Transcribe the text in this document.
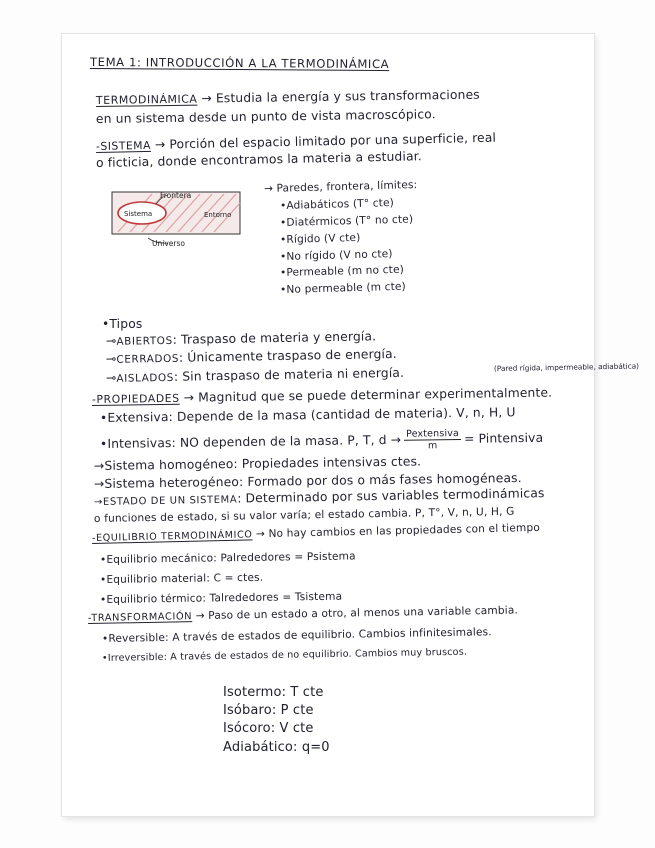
TEMA 1: INTRODUCCIÓN A LA TERMODINÁMICA
TERMODINÁMICA → Estudia la energía y sus transformaciones
en un sistema desde un punto de vista macroscópico.
-SISTEMA → Porción del espacio limitado por una superficie, real
o ficticia, donde encontramos la materia a estudiar.
Frontera
Sistema	Entorno
Universo
→ Paredes, frontera, límites:
•Adiabáticos (T° cte)
•Diatérmicos (T° no cte)
•Rígido (V cte)
•No rígido (V no cte)
•Permeable (m no cte)
•No permeable (m cte)
•Tipos
⊸ABIERTOS: Traspaso de materia y energía.
⊸CERRADOS: Únicamente traspaso de energía.
⊸AISLADOS: Sin traspaso de materia ni energía.	(Pared rígida, impermeable, adiabática)
-PROPIEDADES → Magnitud que se puede determinar experimentalmente.
•Extensiva: Depende de la masa (cantidad de materia). V, n, H, U
•Intensivas: NO dependen de la masa. P, T, $d \to \frac{\text{Pextensiva}}{m}$ = Pintensiva
→Sistema homogéneo: Propiedades intensivas ctes.
→Sistema heterogéneo: Formado por dos o más fases homogéneas.
→ESTADO DE UN SISTEMA: Determinado por sus variables termodinámicas
o funciones de estado, si su valor varía; el estado cambia. P, T°, V, n, U, H, G
-EQUILIBRIO TERMODINÁMICO → No hay cambios en las propiedades con el tiempo
•Equilibrio mecánico: Palrededores = Psistema
•Equilibrio material: C = ctes.
•Equilibrio térmico: Talrededores = Tsistema
-TRANSFORMACIÓN → Paso de un estado a otro, al menos una variable cambia.
•Reversible: A través de estados de equilibrio. Cambios infinitesimales.
•Irreversible: A través de estados de no equilibrio. Cambios muy bruscos.
Isotermo: T cte
Isóbaro: P cte
Isócoro: V cte
Adiabático: q=0
